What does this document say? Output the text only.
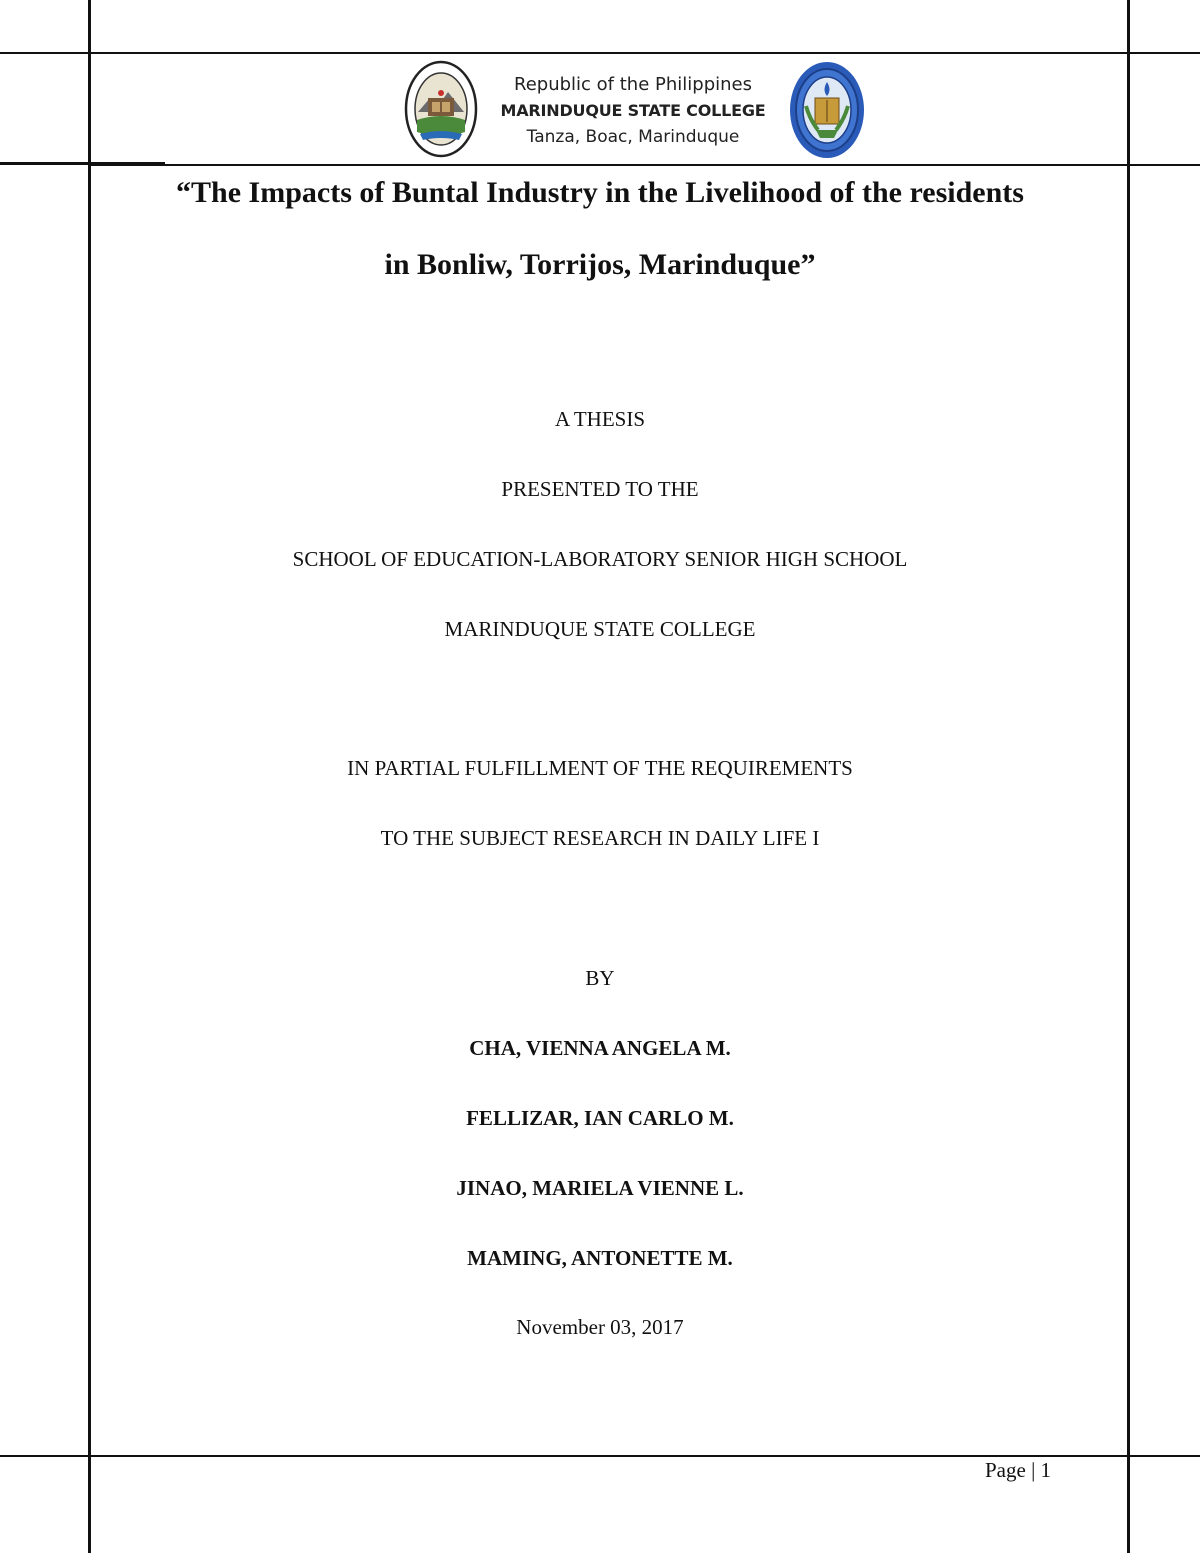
Republic of the Philippines
MARINDUQUE STATE COLLEGE
Tanza, Boac, Marinduque
“The Impacts of Buntal Industry in the Livelihood of the residents
in Bonliw, Torrijos, Marinduque”
A THESIS
PRESENTED TO THE
SCHOOL OF EDUCATION-LABORATORY SENIOR HIGH SCHOOL
MARINDUQUE STATE COLLEGE
IN PARTIAL FULFILLMENT OF THE REQUIREMENTS
TO THE SUBJECT RESEARCH IN DAILY LIFE I
BY
CHA, VIENNA ANGELA M.
FELLIZAR, IAN CARLO M.
JINAO, MARIELA VIENNE L.
MAMING, ANTONETTE M.
November 03, 2017
Page | 1
